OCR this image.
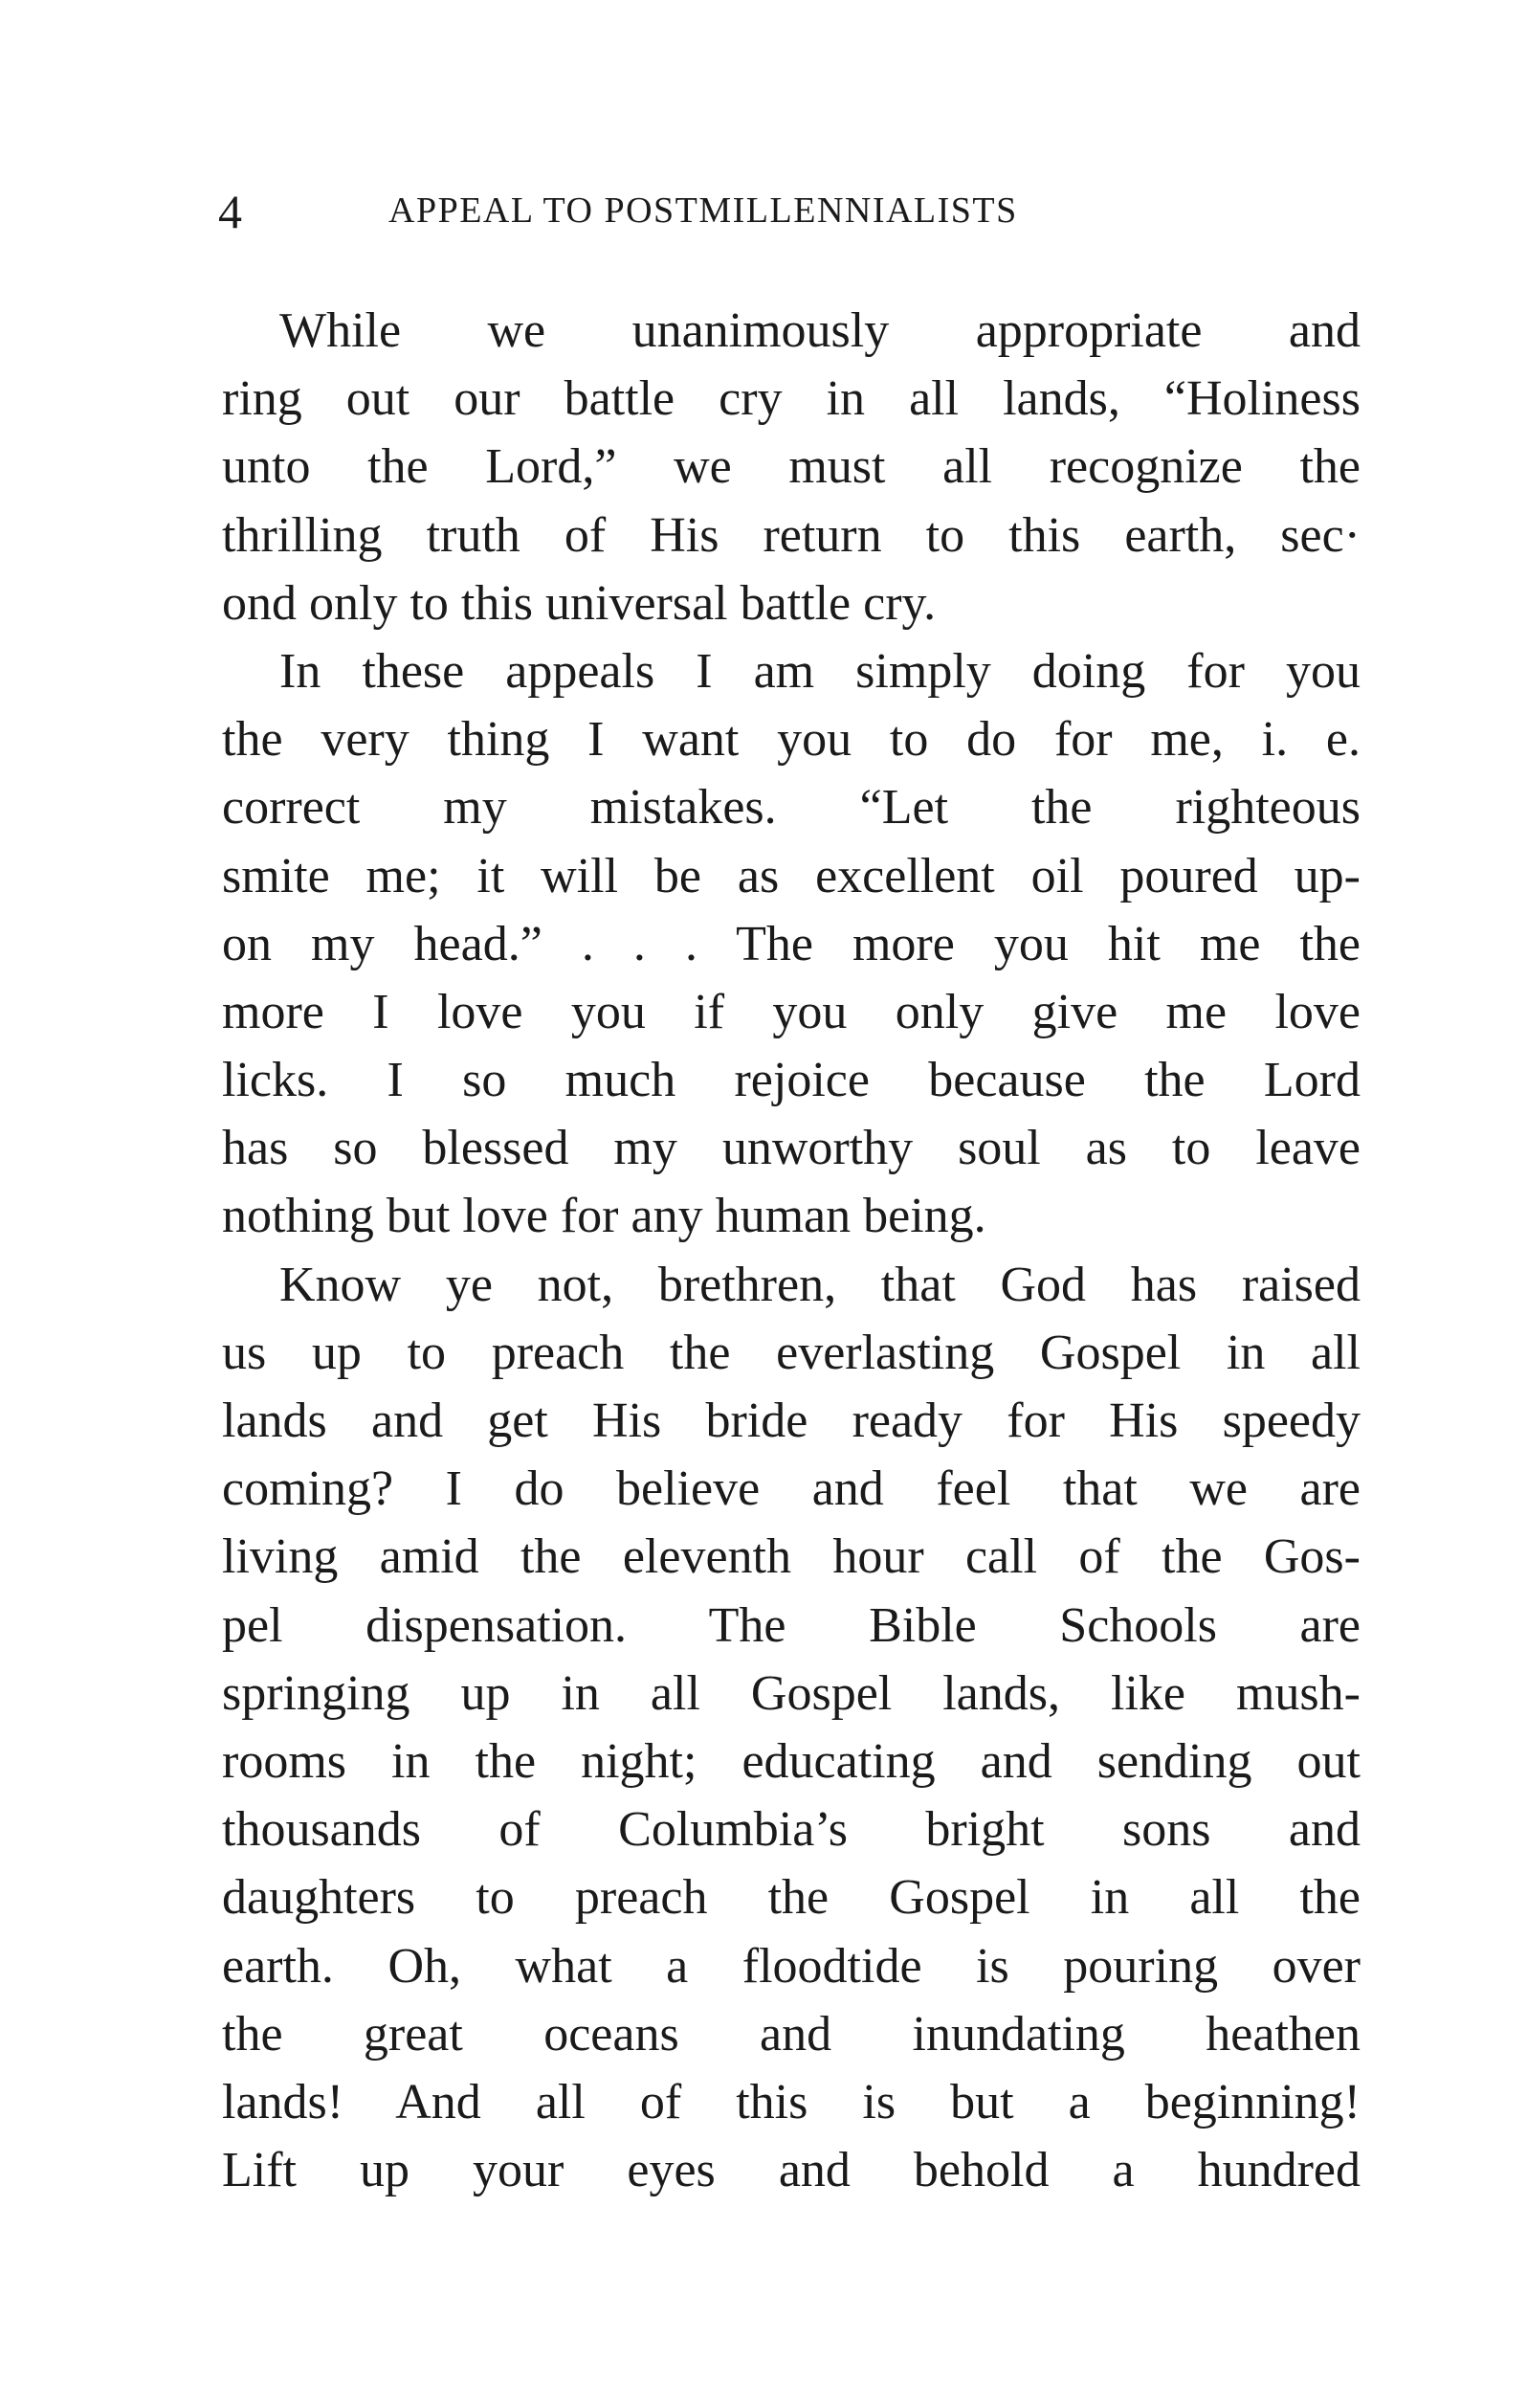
4	APPEAL TO POSTMILLENNIALISTS
While we unanimously appropriate and
ring out our battle cry in all lands, “Holiness
unto the Lord,” we must all recognize the
thrilling truth of His return to this earth, sec·
ond only to this universal battle cry.
In these appeals I am simply doing for you
the very thing I want you to do for me, i. e.
correct my mistakes. “Let the righteous
smite me; it will be as excellent oil poured up-
on my head.” . . . The more you hit me the
more I love you if you only give me love
licks. I so much rejoice because the Lord
has so blessed my unworthy soul as to leave
nothing but love for any human being.
Know ye not, brethren, that God has raised
us up to preach the everlasting Gospel in all
lands and get His bride ready for His speedy
coming? I do believe and feel that we are
living amid the eleventh hour call of the Gos-
pel dispensation. The Bible Schools are
springing up in all Gospel lands, like mush-
rooms in the night; educating and sending out
thousands of Columbia’s bright sons and
daughters to preach the Gospel in all the
earth. Oh, what a floodtide is pouring over
the great oceans and inundating heathen
lands! And all of this is but a beginning!
Lift up your eyes and behold a hundred
